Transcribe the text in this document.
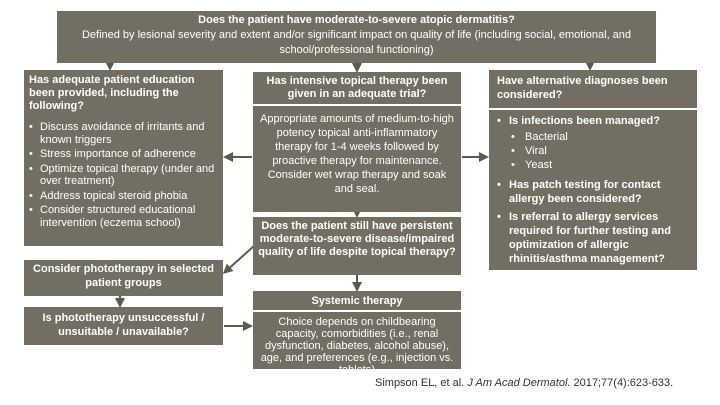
Does the patient have moderate-to-severe atopic dermatitis?
Defined by lesional severity and extent and/or significant impact on quality of life (including social, emotional, and school/professional functioning)
Has adequate patient education been provided, including the following?
• Discuss avoidance of irritants and known triggers
• Stress importance of adherence
• Optimize topical therapy (under and over treatment)
• Address topical steroid phobia
• Consider structured educational intervention (eczema school)
Consider phototherapy in selected patient groups
Is phototherapy unsuccessful / unsuitable / unavailable?
Has intensive topical therapy been given in an adequate trial?
Appropriate amounts of medium-to-high potency topical anti-inflammatory therapy for 1-4 weeks followed by proactive therapy for maintenance. Consider wet wrap therapy and soak and seal.
Does the patient still have persistent moderate-to-severe disease/impaired quality of life despite topical therapy?
Systemic therapy
Choice depends on childbearing capacity, comorbidities (i.e., renal dysfunction, diabetes, alcohol abuse), age, and preferences (e.g., injection vs. tablets)
Have alternative diagnoses been considered?
• Is infections been managed?
• Bacterial
• Viral
• Yeast
• Has patch testing for contact allergy been considered?
• Is referral to allergy services required for further testing and optimization of allergic rhinitis/asthma management?
Simpson EL, et al. J Am Acad Dermatol. 2017;77(4):623-633.
